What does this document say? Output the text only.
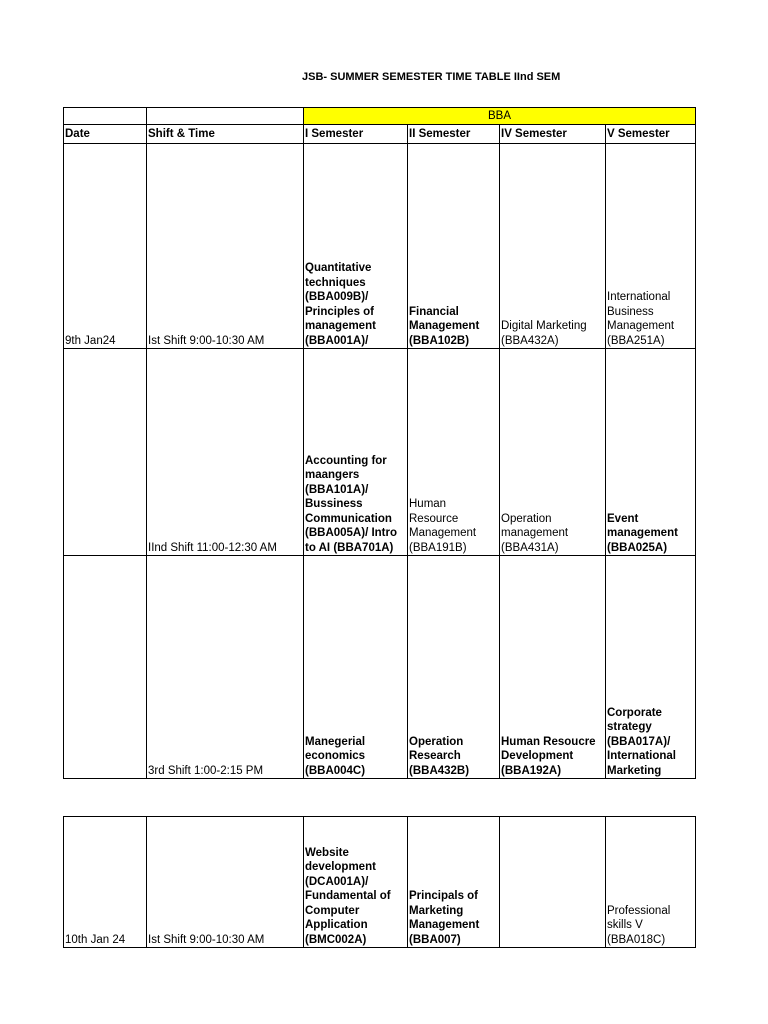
JSB- SUMMER SEMESTER TIME TABLE IInd SEM
		BBA			
Date	Shift & Time	I Semester	II Semester	IV Semester	V Semester
9th Jan24	Ist Shift 9:00-10:30 AM	Quantitative techniques (BBA009B)/ Principles of management (BBA001A)/	Financial Management (BBA102B)	Digital Marketing (BBA432A)	International Business Management (BBA251A)
	IInd Shift 11:00-12:30 AM	Accounting for maangers (BBA101A)/ Bussiness Communication (BBA005A)/ Intro to AI (BBA701A)	Human Resource Management (BBA191B)	Operation management (BBA431A)	Event management (BBA025A)
	3rd Shift 1:00-2:15 PM	Manegerial economics (BBA004C)	Operation Research (BBA432B)	Human Resoucre Development (BBA192A)	Corporate strategy (BBA017A)/ International Marketing
10th Jan 24	Ist Shift 9:00-10:30 AM	Website development (DCA001A)/ Fundamental of Computer Application (BMC002A)	Principals of Marketing Management (BBA007)		Professional skills V (BBA018C)
